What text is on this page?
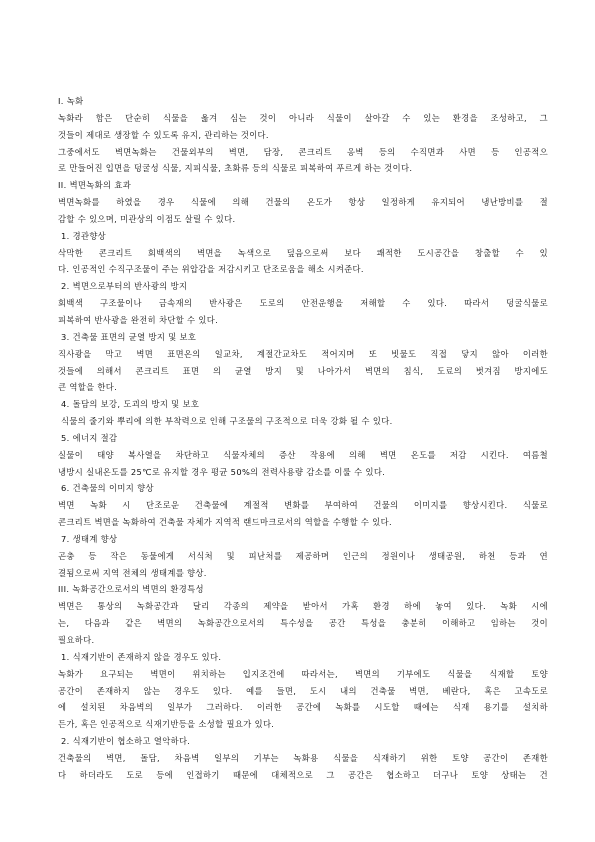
I. 녹화
녹화라 함은 단순히 식물을 옮겨 심는 것이 아니라 식물이 살아갈 수 있는 환경을 조성하고, 그
것들이 제대로 생장할 수 있도록 유지, 관리하는 것이다.
그중에서도 벽면녹화는 건물외부의 벽면, 담장, 콘크리트 옹벽 등의 수직면과 사면 등 인공적으
로 만들어진 입면을 덩굴성 식물, 지피식물, 초화류 등의 식물로 피복하여 푸르게 하는 것이다.
II. 벽면녹화의 효과
벽면녹화를 하였을 경우 식물에 의해 건물의 온도가 항상 일정하게 유지되어 냉난방비를 절
감할 수 있으며, 미관상의 이점도 살릴 수 있다.
1. 경관향상
삭막한 콘크리트 회백색의 벽면을 녹색으로 덮음으로써 보다 쾌적한 도시공간을 창출할 수 있
다. 인공적인 수직구조물이 주는 위압감을 저감시키고 단조로움을 해소 시켜준다.
2. 벽면으로부터의 반사광의 방지
회백색 구조물이나 금속재의 반사광은 도로의 안전운행을 저해할 수 있다. 따라서 덩굴식물로
피복하여 반사광을 완전히 차단할 수 있다.
3. 건축물 표면의 균열 방지 및 보호
직사광을 막고 벽면 표면온의 일교차, 계절간교차도 적어지며 또 빗물도 직접 닿지 않아 이러한
것들에 의해서 콘크리트 표면 의 균열 방지 및 나아가서 벽면의 침식, 도료의 벗겨짐 방지에도
큰 역할을 한다.
4. 돌담의 보강, 도괴의 방지 및 보호
식물의 줄기와 뿌리에 의한 부착력으로 인해 구조물의 구조적으로 더욱 강화 될 수 있다.
5. 에너지 절감
실물이 태양 복사열을 차단하고 식물자체의 증산 작용에 의해 벽면 온도를 저감 시킨다. 여름철
냉방시 실내온도를 25℃로 유지할 경우 평균 50%의 전력사용량 감소를 이룰 수 있다.
6. 건축물의 이미지 향상
벽면 녹화 시 단조로운 건축물에 계절적 변화를 부여하여 건물의 이미지를 향상시킨다. 식물로
콘크리트 벽면을 녹화하여 건축물 자체가 지역적 랜드마크로서의 역할을 수행할 수 있다.
7. 생태계 향상
곤충 등 작은 동물에게 서식처 및 피난처를 제공하며 인근의 정원이나 생태공원, 하천 등과 연
결됨으로써 지역 전체의 생태계를 향상.
III. 녹화공간으로서의 벽면의 환경특성
벽면은 통상의 녹화공간과 달리 각종의 제약을 받아서 가혹 환경 하에 놓여 있다. 녹화 시에
는, 다음과 같은 벽면의 녹화공간으로서의 특수성을 공간 특성을 충분히 이해하고 임하는 것이
필요하다.
1. 식재기반이 존재하지 않을 경우도 있다.
녹화가 요구되는 벽면이 위치하는 입지조건에 따라서는, 벽면의 기부에도 식물을 식재할 토양
공간이 존재하지 않는 경우도 있다. 예를 들면, 도시 내의 건축물 벽면, 베란다, 혹은 고속도로
에 설치된 차음벽의 일부가 그러하다. 이러한 공간에 녹화를 시도할 때에는 식재 용기를 설치하
든가, 혹은 인공적으로 식재기반등을 소성할 필요가 있다.
2. 식재기반이 협소하고 열악하다.
건축물의 벽면, 돌담, 차음벽 일부의 기부는 녹화용 식물을 식재하기 위한 토양 공간이 존재한
다 하더라도 도로 등에 인접하기 때문에 대체적으로 그 공간은 협소하고 더구나 토양 상태는 건
